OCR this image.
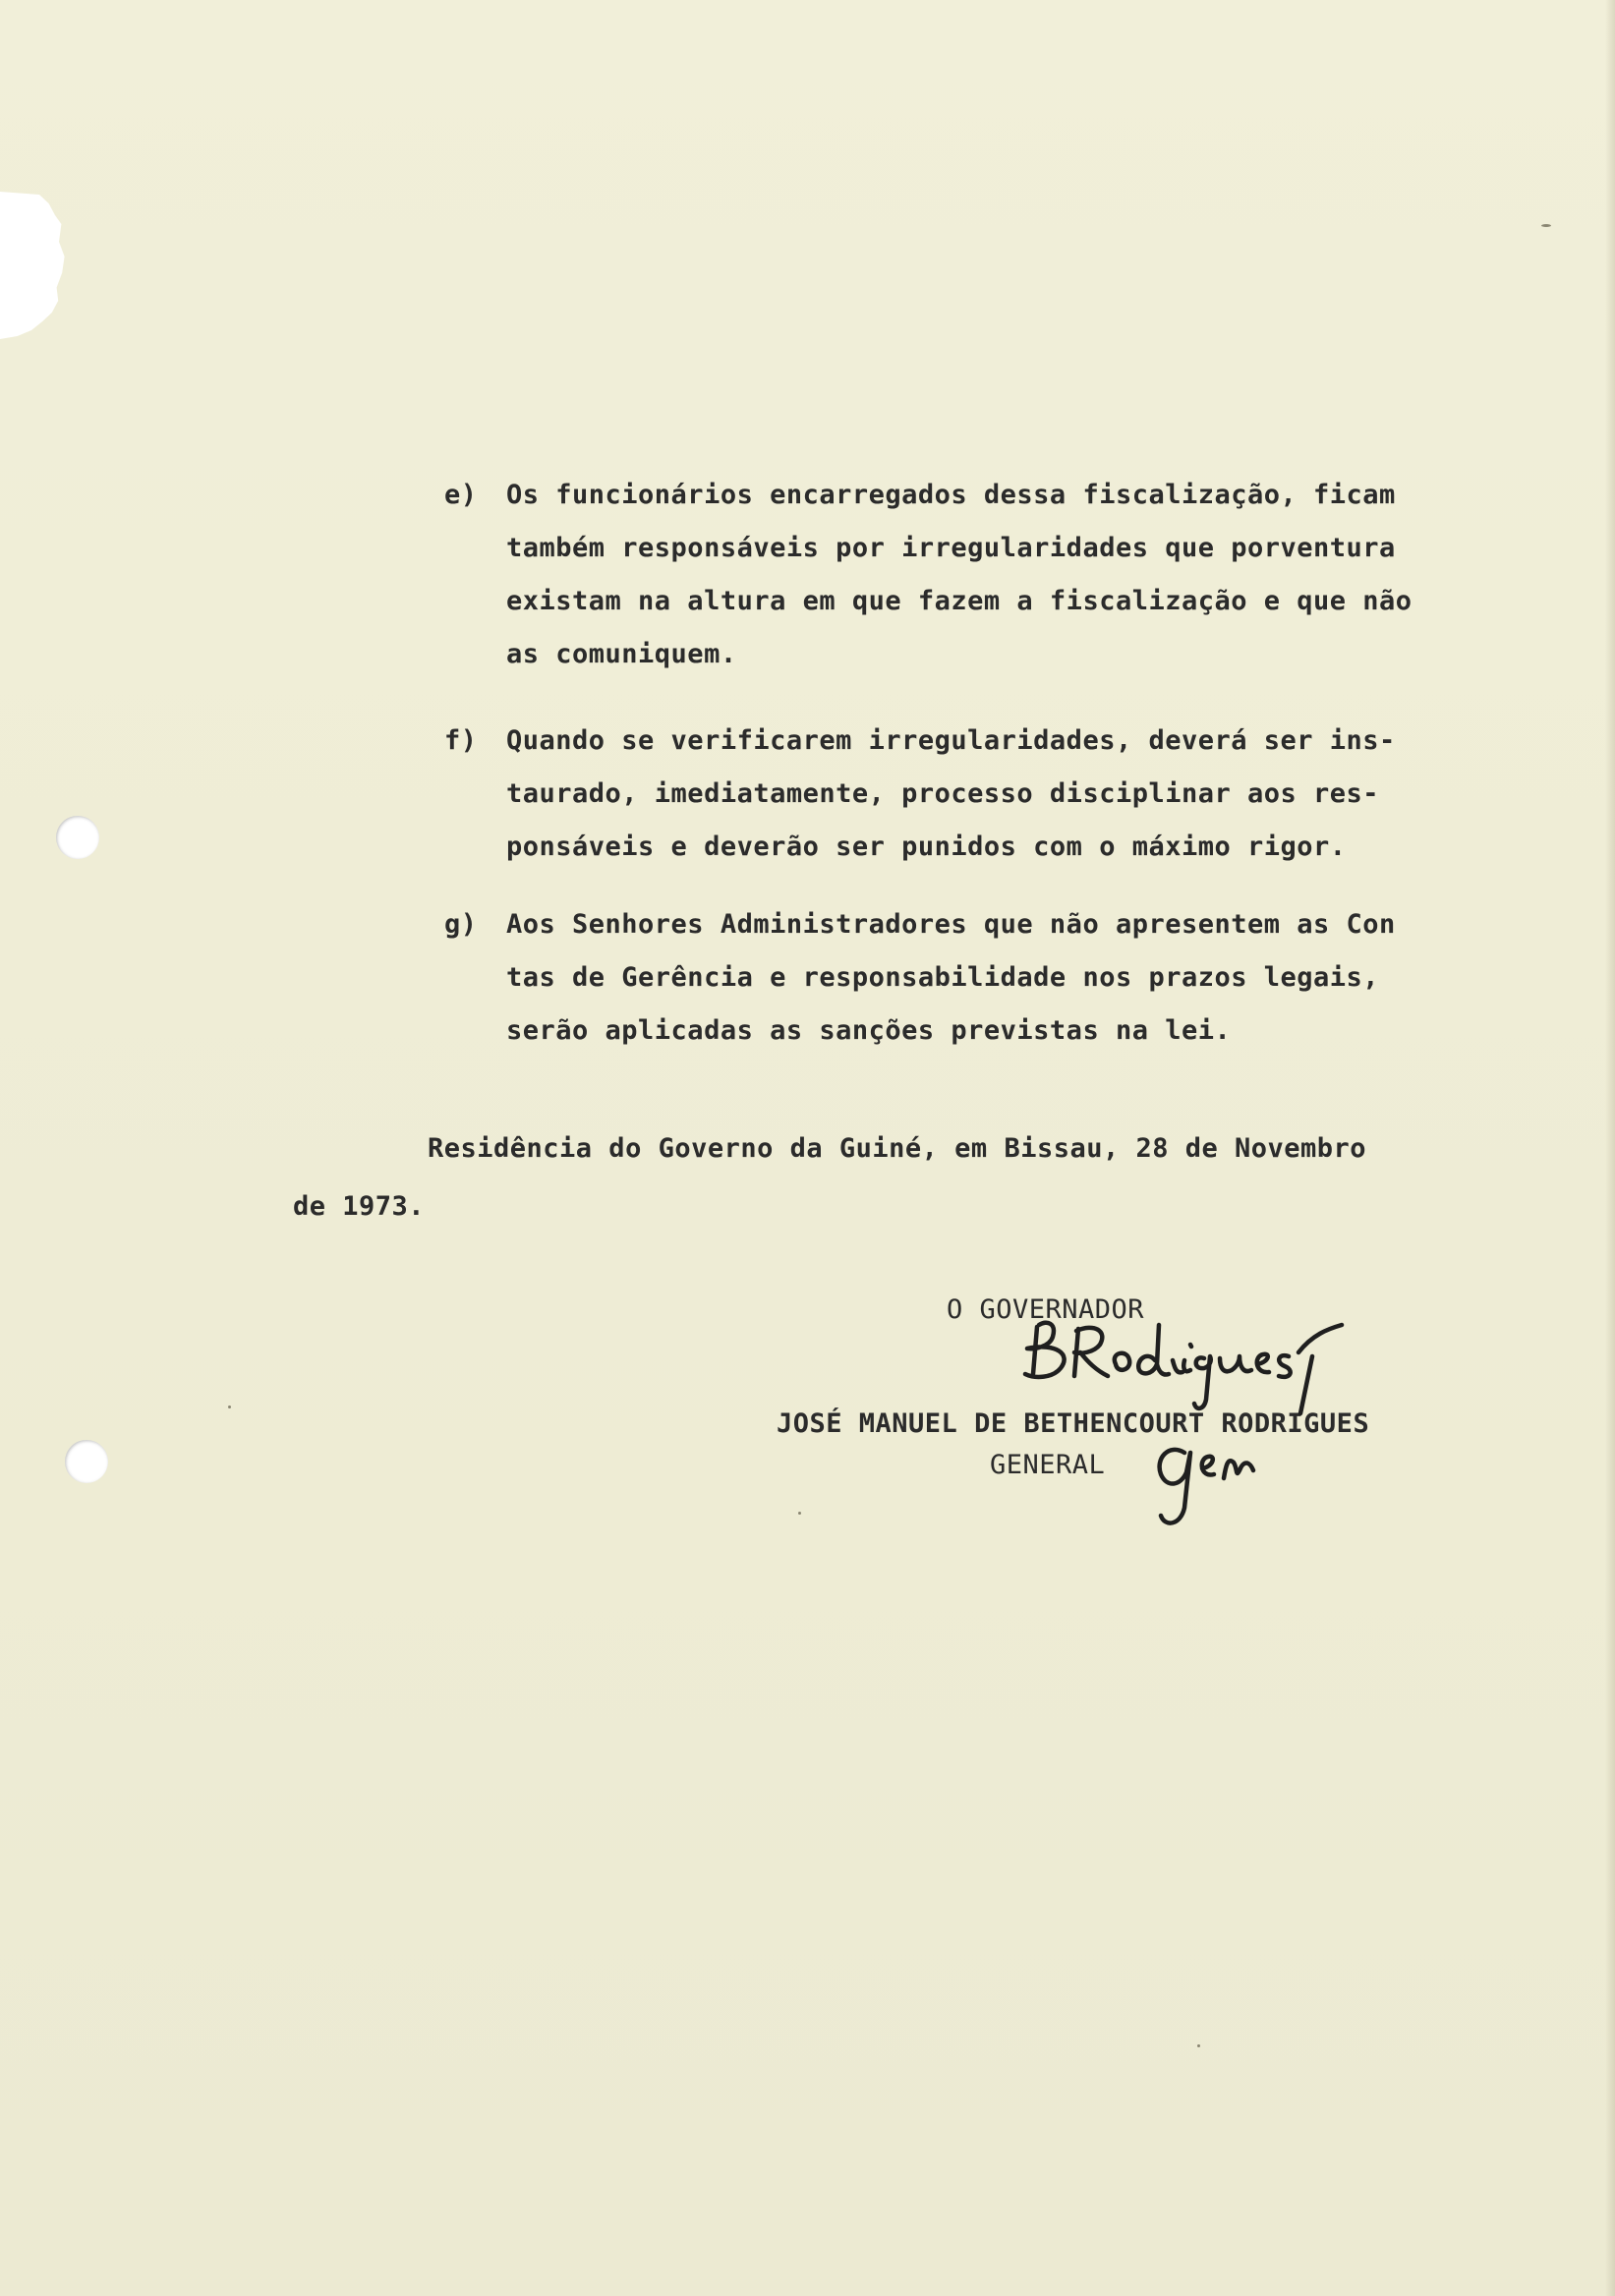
e) Os funcionários encarregados dessa fiscalização, ficam

também responsáveis por irregularidades que porventura

existam na altura em que fazem a fiscalização e que não

as comuniquem.

f) Quando se verificarem irregularidades, deverá ser ins-

taurado, imediatamente, processo disciplinar aos res-

ponsáveis e deverão ser punidos com o máximo rigor.

g) Aos Senhores Administradores que não apresentem as Con

tas de Gerência e responsabilidade nos prazos legais,

serão aplicadas as sanções previstas na lei.

Residência do Governo da Guiné, em Bissau, 28 de Novembro

de 1973.

O GOVERNADOR

JOSÉ MANUEL DE BETHENCOURT RODRIGUES

GENERAL
